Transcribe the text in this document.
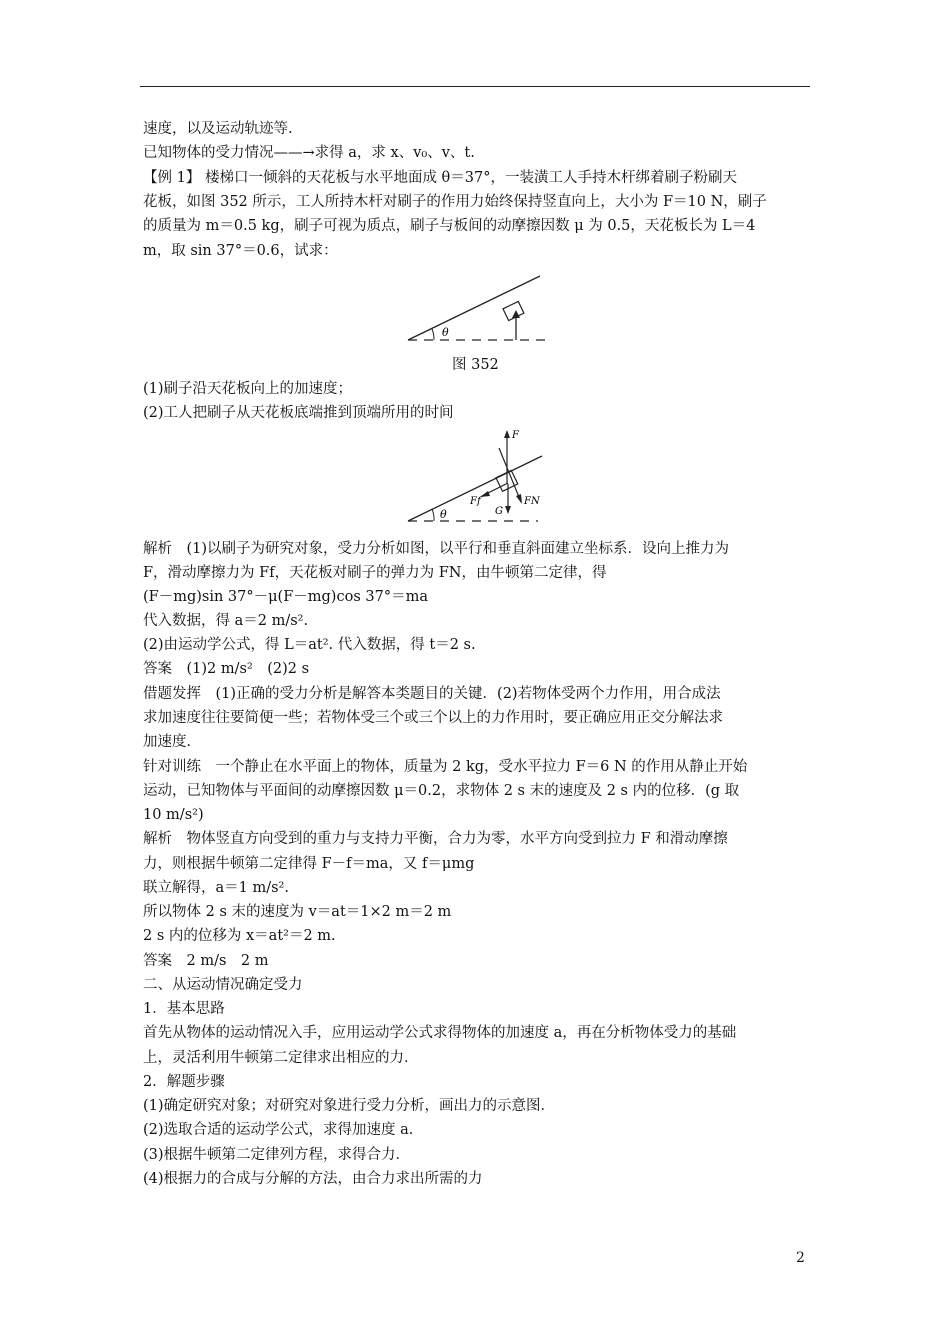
速度，以及运动轨迹等.
已知物体的受力情况——→求得 a，求 x、v₀、v、t.
【例 1】 楼梯口一倾斜的天花板与水平地面成 θ＝37°，一装潢工人手持木杆绑着刷子粉刷天
花板，如图 352 所示，工人所持木杆对刷子的作用力始终保持竖直向上，大小为 F＝10 N，刷子
的质量为 m＝0.5 kg，刷子可视为质点，刷子与板间的动摩擦因数 μ 为 0.5，天花板长为 L＝4
m，取 sin 37°＝0.6，试求：
θ
图 352
(1)刷子沿天花板向上的加速度；
(2)工人把刷子从天花板底端推到顶端所用的时间
F
G
FN
Ff
θ
解析　(1)以刷子为研究对象，受力分析如图，以平行和垂直斜面建立坐标系．设向上推力为
F，滑动摩擦力为 Ff，天花板对刷子的弹力为 FN，由牛顿第二定律，得
(F－mg)sin 37°－μ(F－mg)cos 37°＝ma
代入数据，得 a＝2 m/s².
(2)由运动学公式，得 L＝at². 代入数据，得 t＝2 s.
答案　(1)2 m/s²　(2)2 s
借题发挥　(1)正确的受力分析是解答本类题目的关键．(2)若物体受两个力作用，用合成法
求加速度往往要简便一些；若物体受三个或三个以上的力作用时，要正确应用正交分解法求
加速度．
针对训练　一个静止在水平面上的物体，质量为 2 kg，受水平拉力 F＝6 N 的作用从静止开始
运动，已知物体与平面间的动摩擦因数 μ＝0.2，求物体 2 s 末的速度及 2 s 内的位移．(g 取
10 m/s²)
解析　物体竖直方向受到的重力与支持力平衡，合力为零，水平方向受到拉力 F 和滑动摩擦
力，则根据牛顿第二定律得 F－f＝ma，又 f＝μmg
联立解得，a＝1 m/s².
所以物体 2 s 末的速度为 v＝at＝1×2 m＝2 m
2 s 内的位移为 x＝at²＝2 m.
答案　2 m/s　2 m
二、从运动情况确定受力
1．基本思路
首先从物体的运动情况入手，应用运动学公式求得物体的加速度 a，再在分析物体受力的基础
上，灵活利用牛顿第二定律求出相应的力．
2．解题步骤
(1)确定研究对象；对研究对象进行受力分析，画出力的示意图．
(2)选取合适的运动学公式，求得加速度 a.
(3)根据牛顿第二定律列方程，求得合力．
(4)根据力的合成与分解的方法，由合力求出所需的力
2
